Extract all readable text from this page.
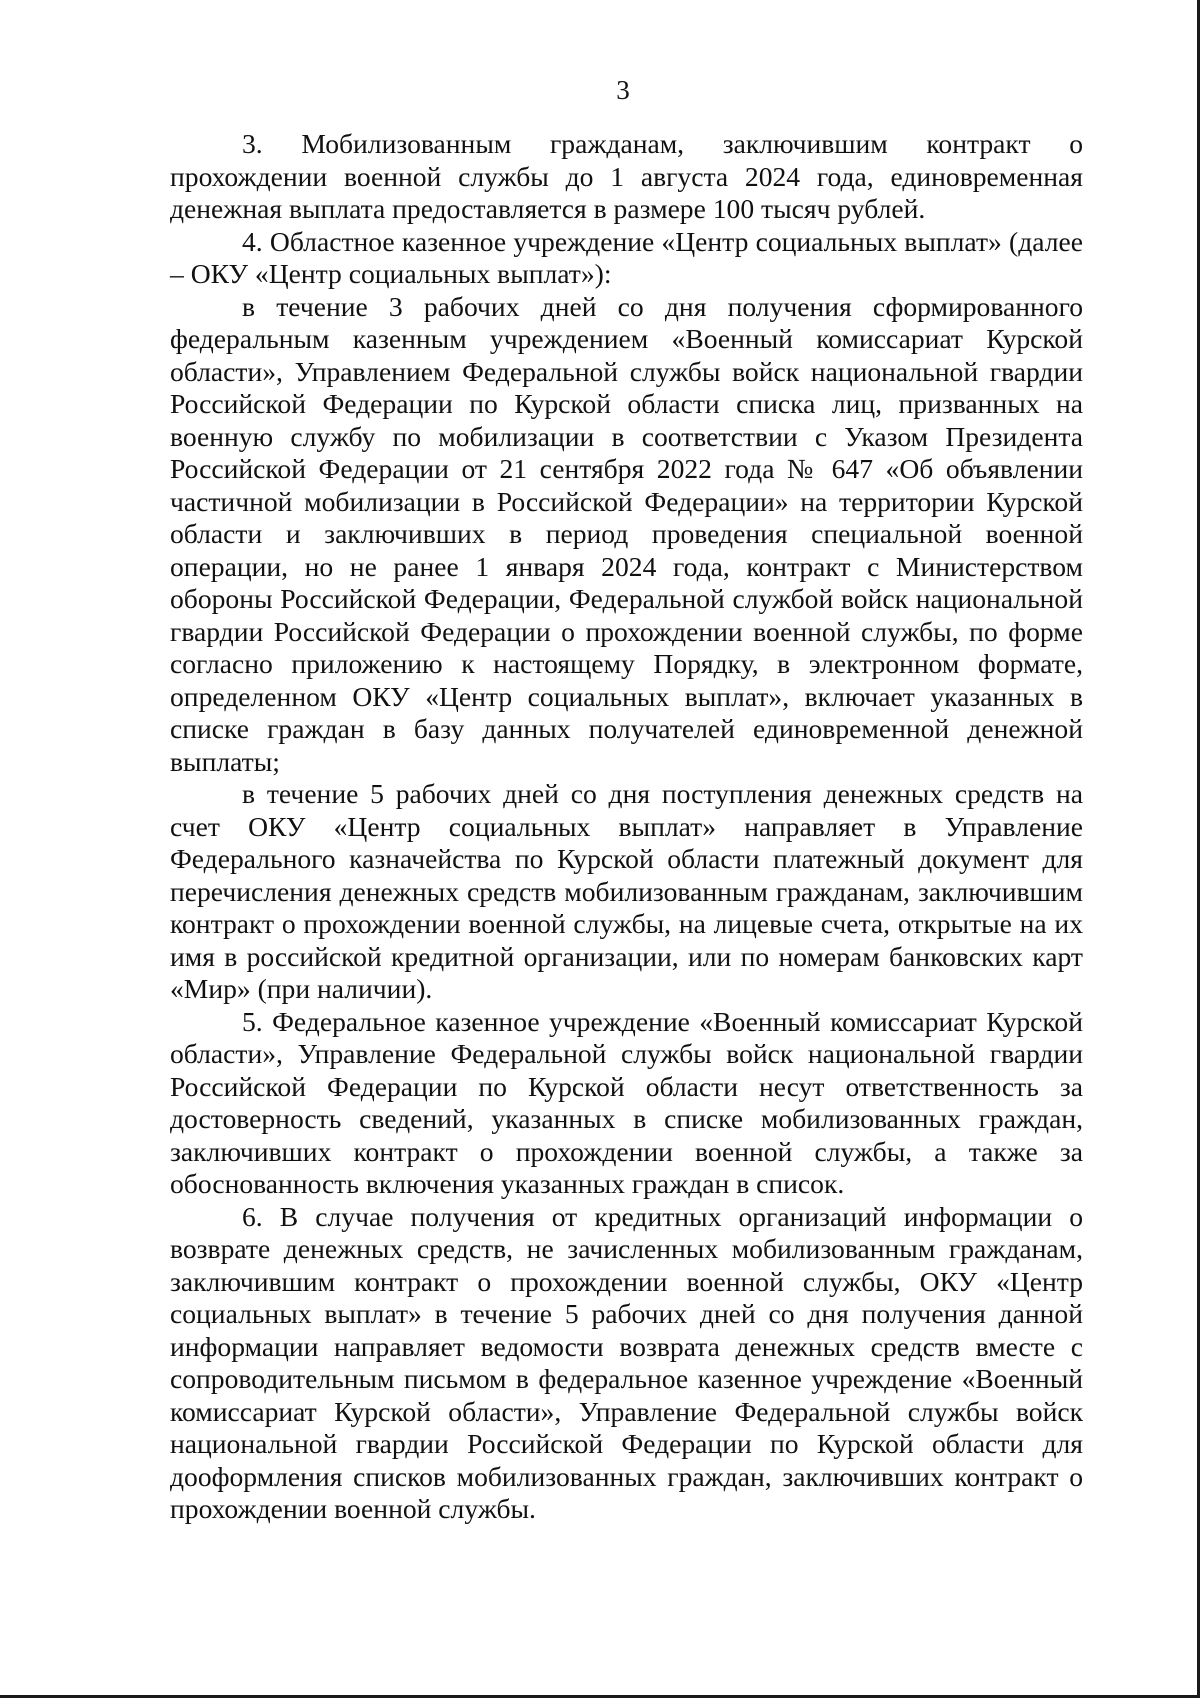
3

3. Мобилизованным гражданам, заключившим контракт о прохождении военной службы до 1 августа 2024 года, единовременная денежная выплата предоставляется в размере 100 тысяч рублей.

4. Областное казенное учреждение «Центр социальных выплат» (далее – ОКУ «Центр социальных выплат»):

в течение 3 рабочих дней со дня получения сформированного федеральным казенным учреждением «Военный комиссариат Курской области», Управлением Федеральной службы войск национальной гвардии Российской Федерации по Курской области списка лиц, призванных на военную службу по мобилизации в соответствии с Указом Президента Российской Федерации от 21 сентября 2022 года № 647 «Об объявлении частичной мобилизации в Российской Федерации» на территории Курской области и заключивших в период проведения специальной военной операции, но не ранее 1 января 2024 года, контракт с Министерством обороны Российской Федерации, Федеральной службой войск национальной гвардии Российской Федерации о прохождении военной службы, по форме согласно приложению к настоящему Порядку, в электронном формате, определенном ОКУ «Центр социальных выплат», включает указанных в списке граждан в базу данных получателей единовременной денежной выплаты;

в течение 5 рабочих дней со дня поступления денежных средств на счет ОКУ «Центр социальных выплат» направляет в Управление Федерального казначейства по Курской области платежный документ для перечисления денежных средств мобилизованным гражданам, заключившим контракт о прохождении военной службы, на лицевые счета, открытые на их имя в российской кредитной организации, или по номерам банковских карт «Мир» (при наличии).

5. Федеральное казенное учреждение «Военный комиссариат Курской области», Управление Федеральной службы войск национальной гвардии Российской Федерации по Курской области несут ответственность за достоверность сведений, указанных в списке мобилизованных граждан, заключивших контракт о прохождении военной службы, а также за обоснованность включения указанных граждан в список.

6. В случае получения от кредитных организаций информации о возврате денежных средств, не зачисленных мобилизованным гражданам, заключившим контракт о прохождении военной службы, ОКУ «Центр социальных выплат» в течение 5 рабочих дней со дня получения данной информации направляет ведомости возврата денежных средств вместе с сопроводительным письмом в федеральное казенное учреждение «Военный комиссариат Курской области», Управление Федеральной службы войск национальной гвардии Российской Федерации по Курской области для дооформления списков мобилизованных граждан, заключивших контракт о прохождении военной службы.
